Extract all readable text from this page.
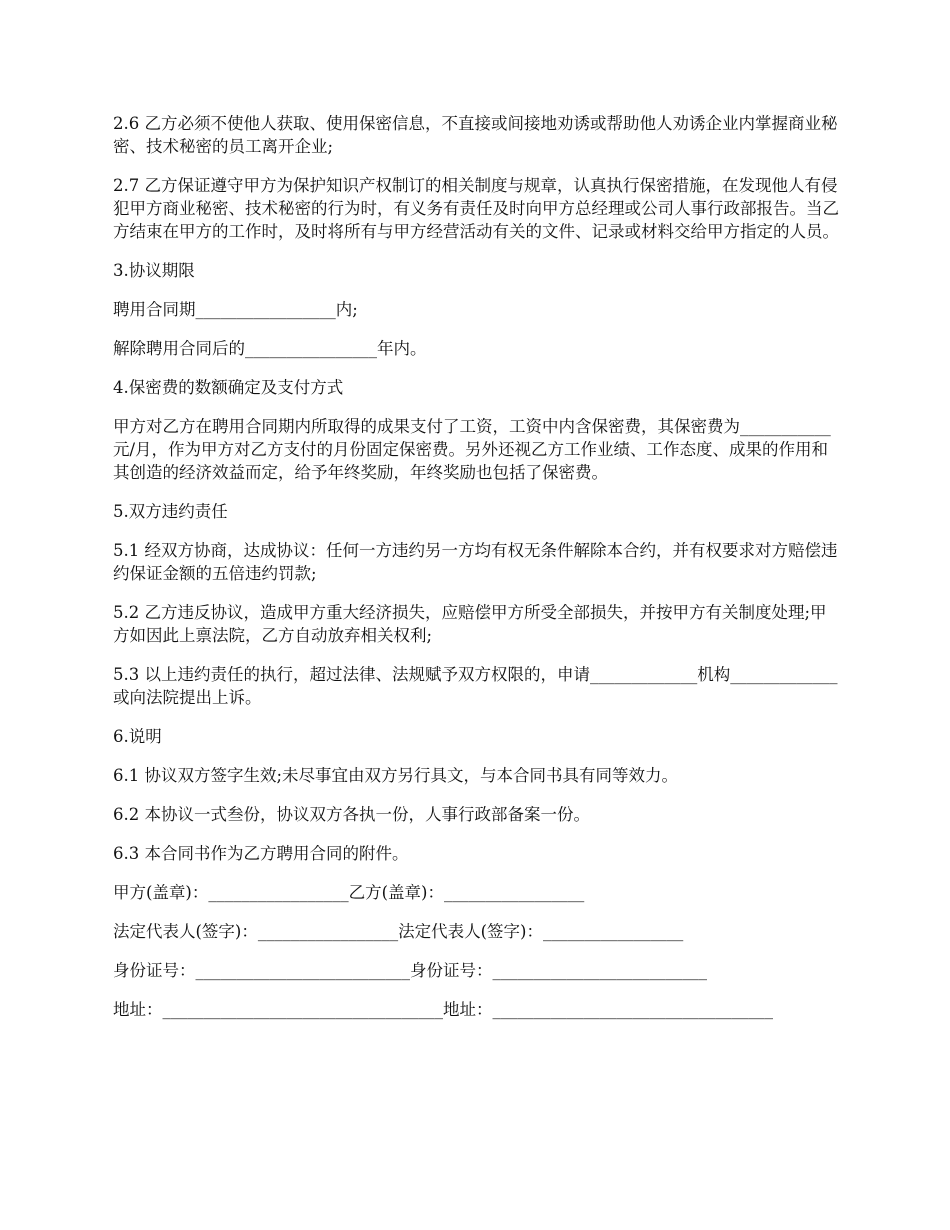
2.6 乙方必须不使他人获取、使用保密信息，不直接或间接地劝诱或帮助他人劝诱企业内掌握商业秘密、技术秘密的员工离开企业;

2.7 乙方保证遵守甲方为保护知识产权制订的相关制度与规章，认真执行保密措施，在发现他人有侵犯甲方商业秘密、技术秘密的行为时，有义务有责任及时向甲方总经理或公司人事行政部报告。当乙方结束在甲方的工作时，及时将所有与甲方经营活动有关的文件、记录或材料交给甲方指定的人员。

3.协议期限

聘用合同期_________________内;

解除聘用合同后的________________年内。

4.保密费的数额确定及支付方式

甲方对乙方在聘用合同期内所取得的成果支付了工资，工资中内含保密费，其保密费为___________元/月，作为甲方对乙方支付的月份固定保密费。另外还视乙方工作业绩、工作态度、成果的作用和其创造的经济效益而定，给予年终奖励，年终奖励也包括了保密费。

5.双方违约责任

5.1 经双方协商，达成协议：任何一方违约另一方均有权无条件解除本合约，并有权要求对方赔偿违约保证金额的五倍违约罚款;

5.2 乙方违反协议，造成甲方重大经济损失，应赔偿甲方所受全部损失，并按甲方有关制度处理;甲方如因此上禀法院，乙方自动放弃相关权利;

5.3 以上违约责任的执行，超过法律、法规赋予双方权限的，申请_____________机构_____________或向法院提出上诉。

6.说明

6.1 协议双方签字生效;未尽事宜由双方另行具文，与本合同书具有同等效力。

6.2 本协议一式叁份，协议双方各执一份，人事行政部备案一份。

6.3 本合同书作为乙方聘用合同的附件。

甲方(盖章)：_________________乙方(盖章)：_________________

法定代表人(签字)：_________________法定代表人(签字)：_________________

身份证号：__________________________身份证号：__________________________

地址：__________________________________地址：__________________________________
